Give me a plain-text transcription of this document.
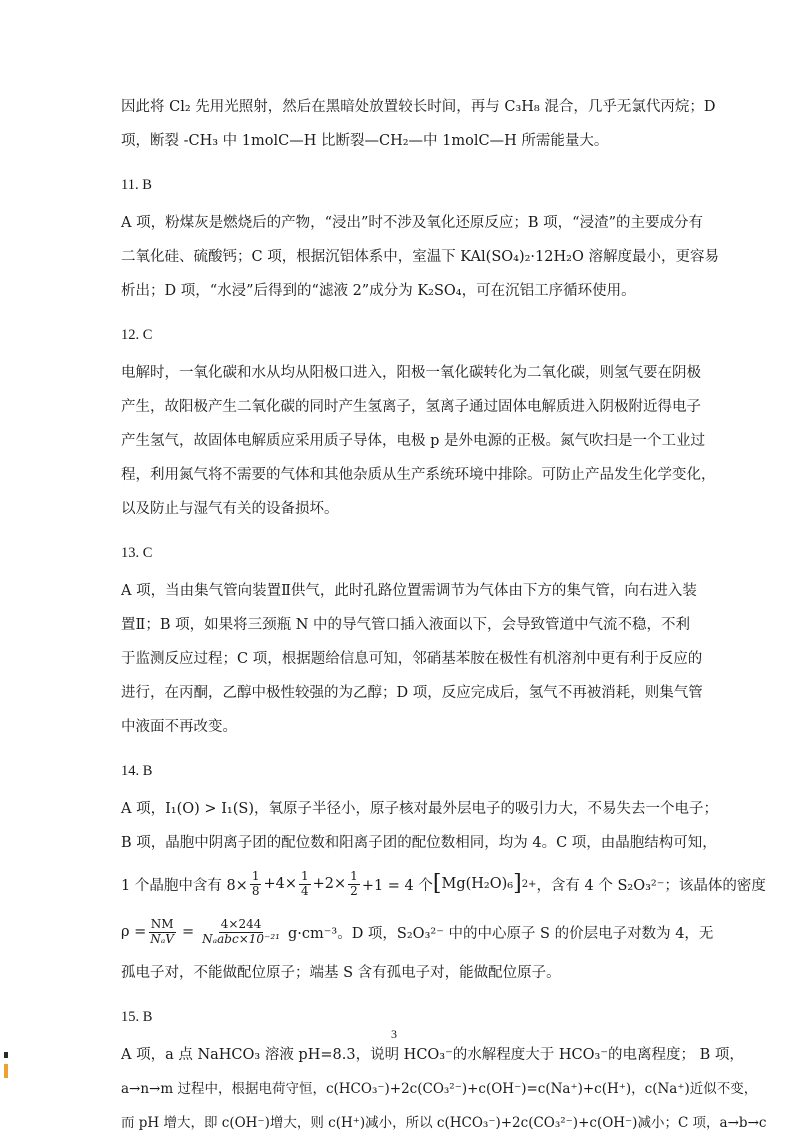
因此将 Cl₂ 先用光照射，然后在黑暗处放置较长时间，再与 C₃H₈ 混合，几乎无氯代丙烷；D

项，断裂 -CH₃ 中 1molC—H 比断裂—CH₂—中 1molC—H 所需能量大。

11. B

A 项，粉煤灰是燃烧后的产物，“浸出”时不涉及氧化还原反应；B 项，“浸渣”的主要成分有

二氧化硅、硫酸钙；C 项，根据沉铝体系中，室温下 KAl(SO₄)₂·12H₂O 溶解度最小，更容易

析出；D 项，“水浸”后得到的“滤液 2”成分为 K₂SO₄，可在沉铝工序循环使用。

12. C

电解时，一氧化碳和水从均从阳极口进入，阳极一氧化碳转化为二氧化碳，则氢气要在阴极

产生，故阳极产生二氧化碳的同时产生氢离子，氢离子通过固体电解质进入阴极附近得电子

产生氢气，故固体电解质应采用质子导体，电极 p 是外电源的正极。氮气吹扫是一个工业过

程，利用氮气将不需要的气体和其他杂质从生产系统环境中排除。可防止产品发生化学变化，

以及防止与湿气有关的设备损坏。

13. C

A 项，当由集气管向装置Ⅱ供气，此时孔路位置需调节为气体由下方的集气管，向右进入装

置Ⅱ；B 项，如果将三颈瓶 N 中的导气管口插入液面以下，会导致管道中气流不稳，不利

于监测反应过程；C 项，根据题给信息可知，邻硝基苯胺在极性有机溶剂中更有利于反应的

进行，在丙酮，乙醇中极性较强的为乙醇；D 项，反应完成后，氢气不再被消耗，则集气管

中液面不再改变。

14. B

A 项，I₁(O) > I₁(S)，氧原子半径小，原子核对最外层电子的吸引力大，不易失去一个电子；

B 项，晶胞中阴离子团的配位数和阳离子团的配位数相同，均为 4。C 项，由晶胞结构可知，

1 个晶胞中含有 $8\times \frac{1}{8} +4\times \frac{1}{4} +2\times \frac{1}{2} +1 = 4$ 个 [ Mg(H₂O)₆ ] 2+ ，含有 4 个 S₂O₃²⁻；该晶体的密度
$\rho = \frac{NM}{\text{NₐV}} = \frac{4\times 244}{\text{Nₐabc×10⁻²¹}} g\cdot cm^{-3}$。D 项，S₂O₃²⁻ 中的中心原子 S 的价层电子对数为 4，无

孤电子对，不能做配位原子；端基 S 含有孤电子对，能做配位原子。

15. B

A 项，a 点 NaHCO₃ 溶液 pH=8.3，说明 HCO₃⁻的水解程度大于 HCO₃⁻的电离程度； B 项，

a→n→m 过程中，根据电荷守恒，c(HCO₃⁻)+2c(CO₃²⁻)+c(OH⁻)=c(Na⁺)+c(H⁺)，c(Na⁺)近似不变，

而 pH 增大，即 c(OH⁻)增大，则 c(H⁺)减小，所以 c(HCO₃⁻)+2c(CO₃²⁻)+c(OH⁻)减小；C 项，a→b→c

3
